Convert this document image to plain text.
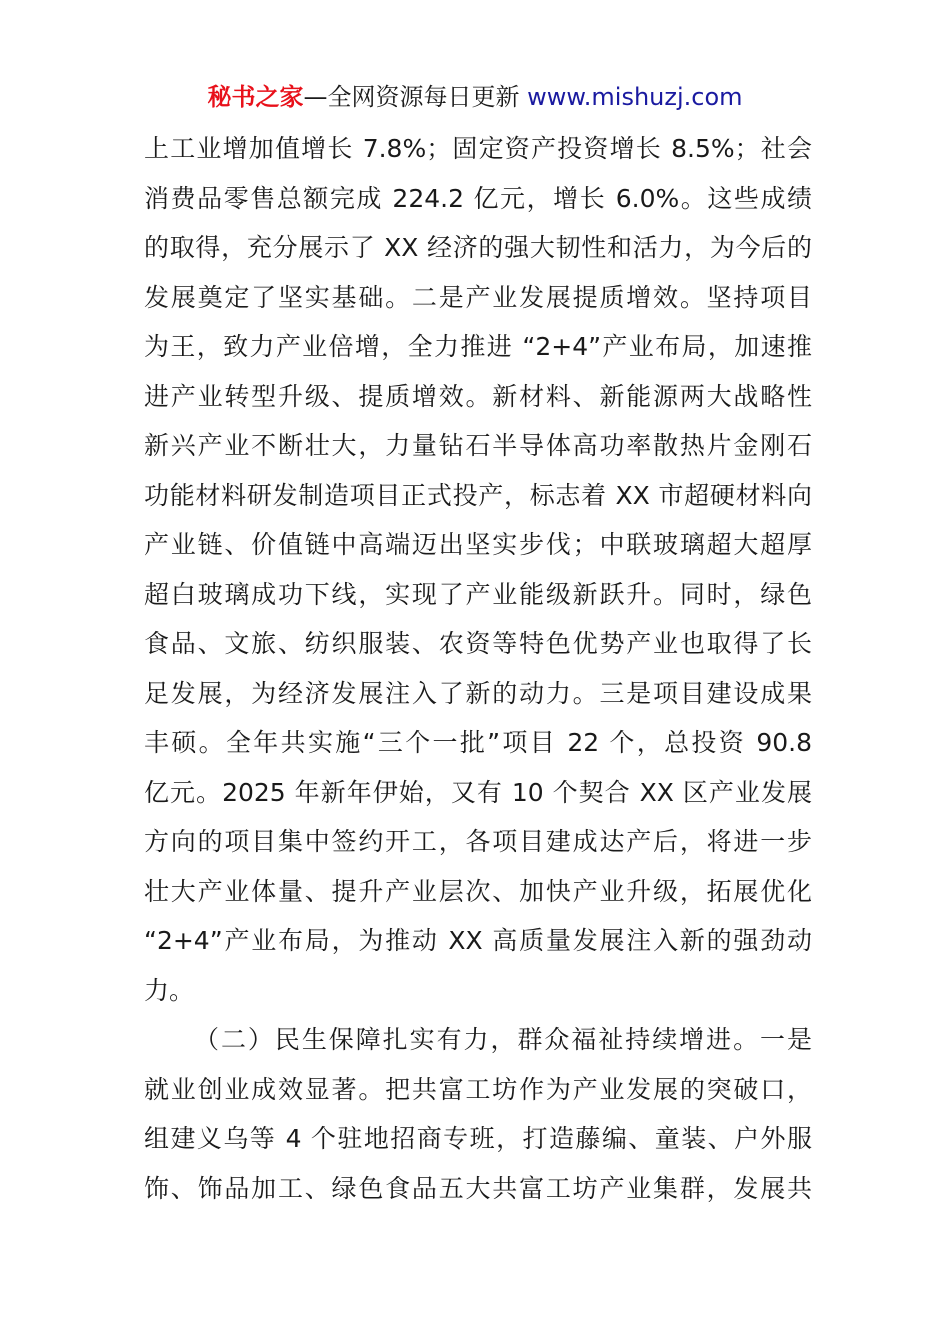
秘书之家—全网资源每日更新 www.mishuzj.com
上工业增加值增长 7.8%；固定资产投资增长 8.5%；社会
消费品零售总额完成 224.2 亿元，增长 6.0%。这些成绩
的取得，充分展示了 XX 经济的强大韧性和活力，为今后的
发展奠定了坚实基础。二是产业发展提质增效。坚持项目
为王，致力产业倍增，全力推进 “2+4”产业布局，加速推
进产业转型升级、提质增效。新材料、新能源两大战略性
新兴产业不断壮大，力量钻石半导体高功率散热片金刚石
功能材料研发制造项目正式投产，标志着 XX 市超硬材料向
产业链、价值链中高端迈出坚实步伐；中联玻璃超大超厚
超白玻璃成功下线，实现了产业能级新跃升。同时，绿色
食品、文旅、纺织服装、农资等特色优势产业也取得了长
足发展，为经济发展注入了新的动力。三是项目建设成果
丰硕。全年共实施“三个一批”项目 22 个，总投资 90.8
亿元。2025 年新年伊始，又有 10 个契合 XX 区产业发展
方向的项目集中签约开工，各项目建成达产后，将进一步
壮大产业体量、提升产业层次、加快产业升级，拓展优化
“2+4”产业布局，为推动 XX 高质量发展注入新的强劲动
力。
（二）民生保障扎实有力，群众福祉持续增进。一是
就业创业成效显著。把共富工坊作为产业发展的突破口，
组建义乌等 4 个驻地招商专班，打造藤编、童装、户外服
饰、饰品加工、绿色食品五大共富工坊产业集群，发展共
